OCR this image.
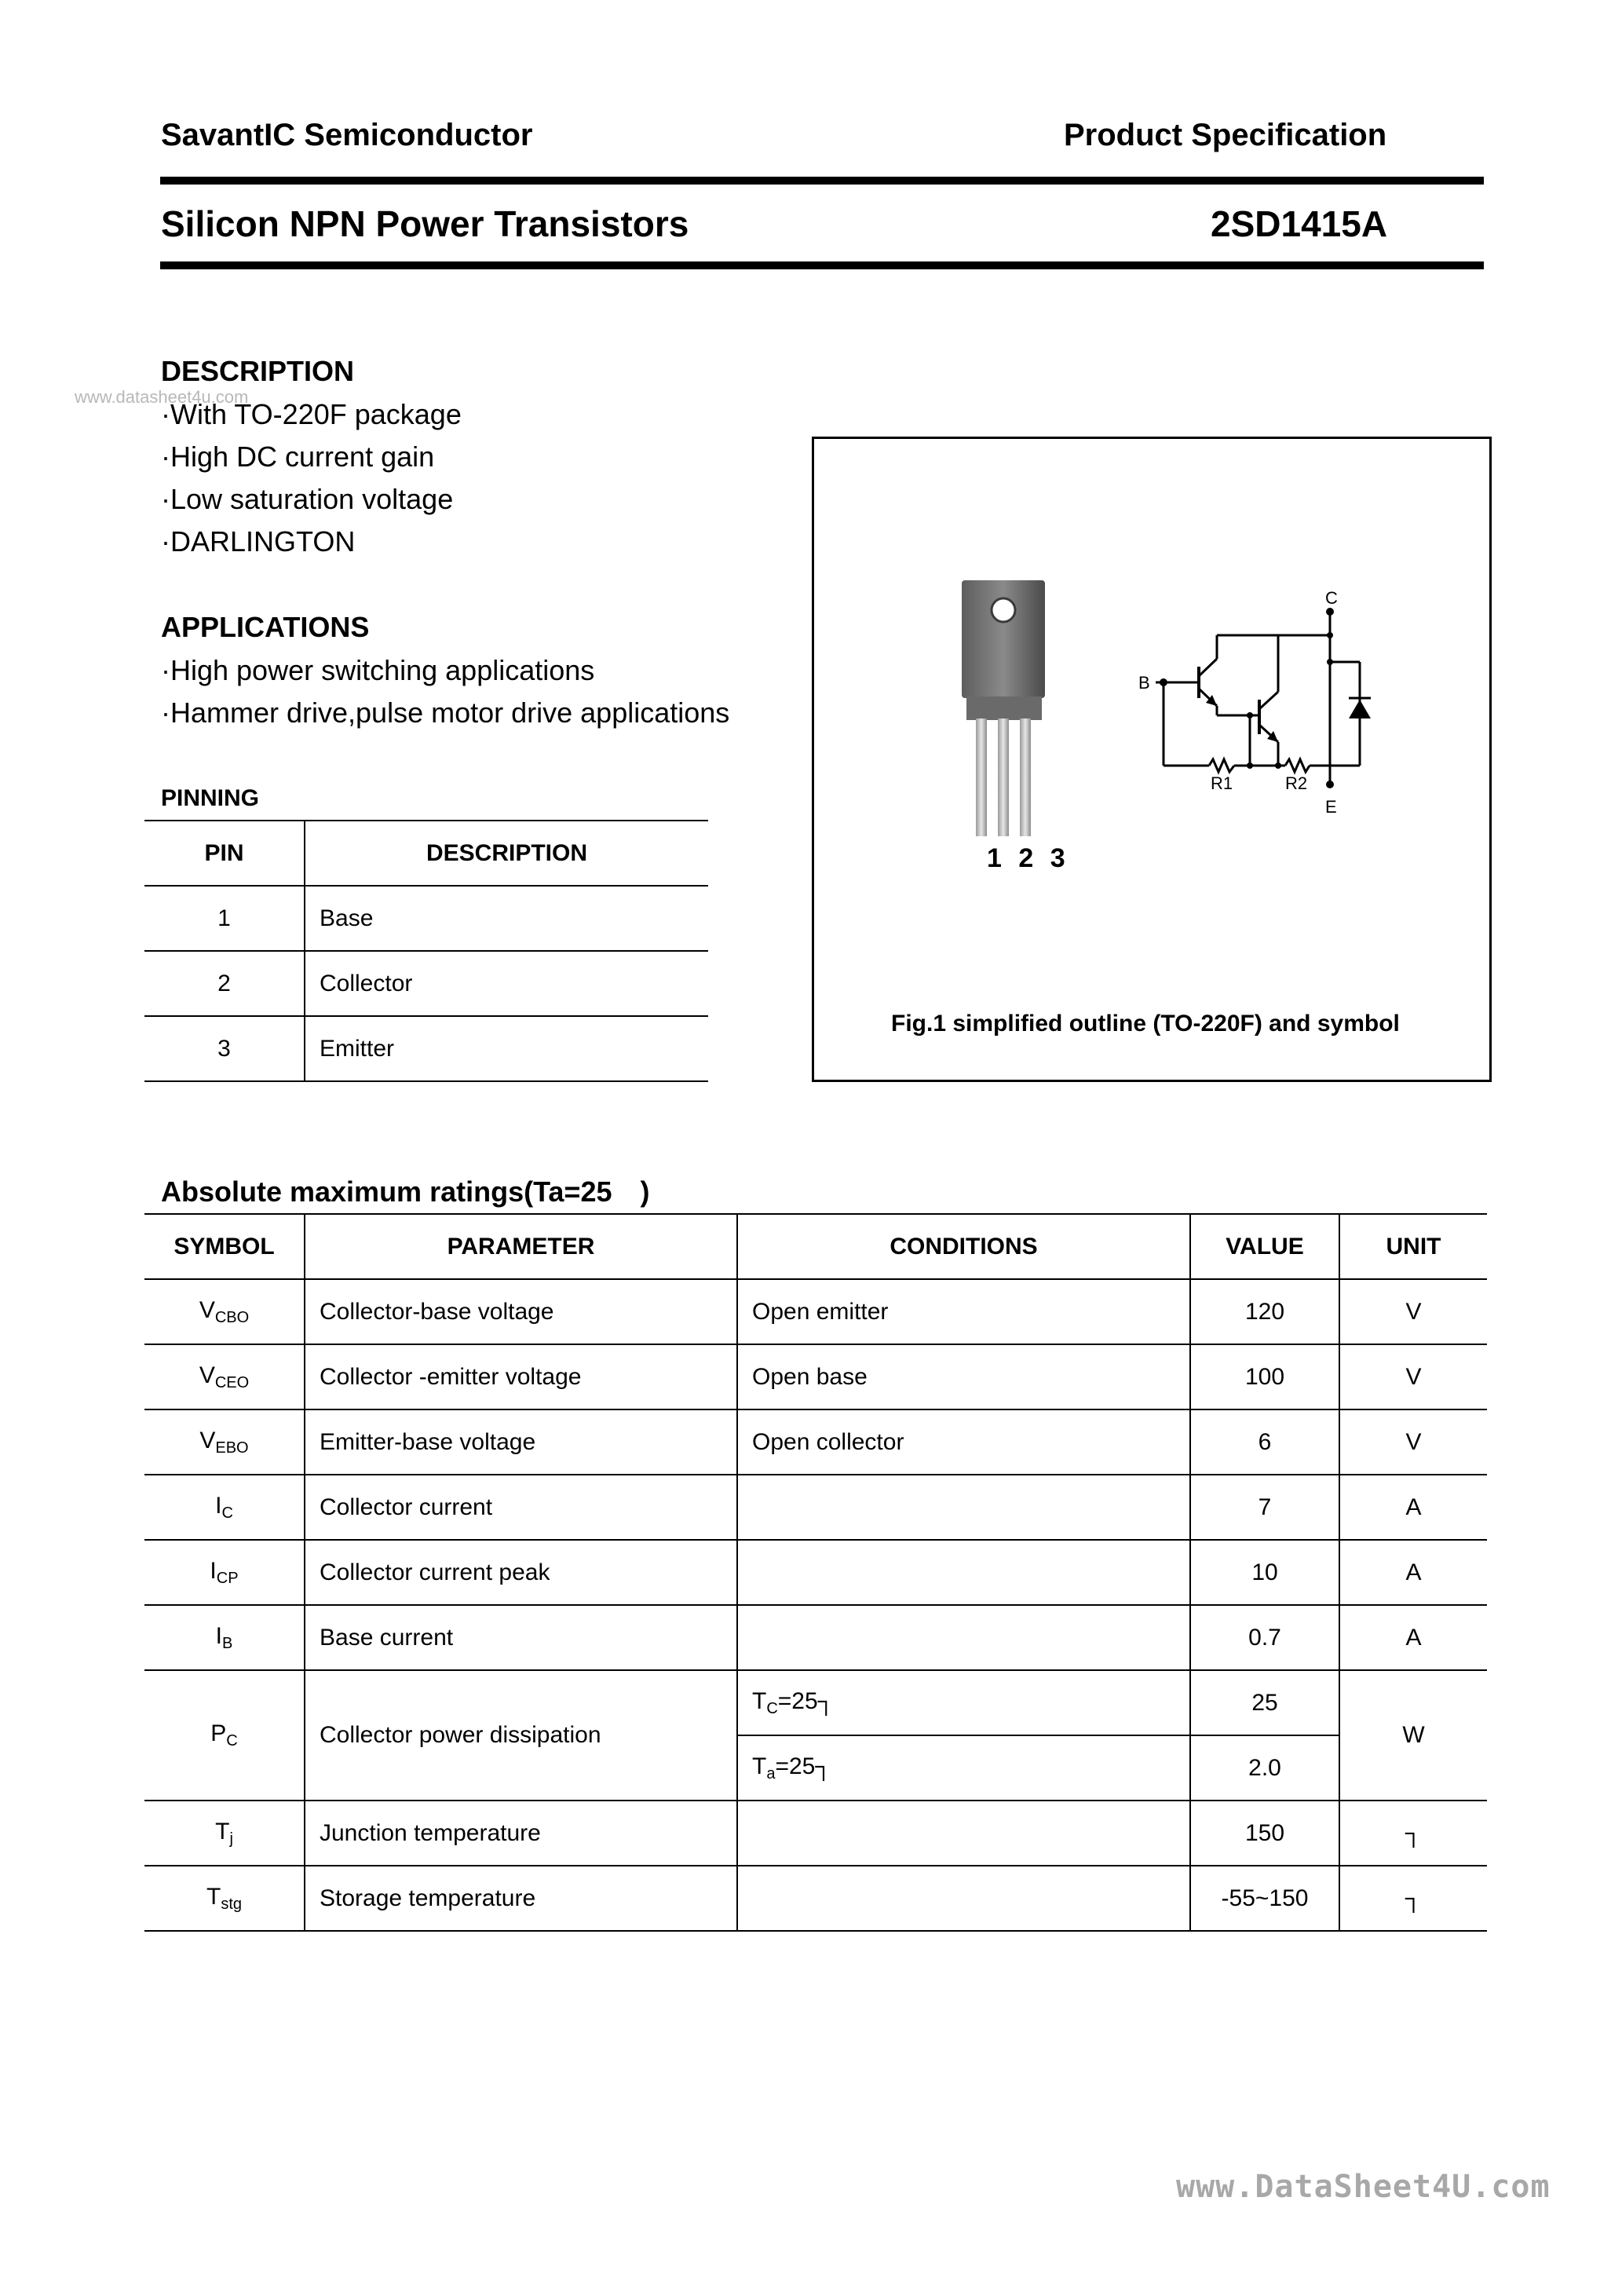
SavantIC Semiconductor	Product Specification
Silicon NPN Power Transistors	2SD1415A
www.datasheet4u.com
DESCRIPTION
·With TO-220F package
·High DC current gain
·Low saturation voltage
·DARLINGTON
APPLICATIONS
·High power switching applications
·Hammer drive,pulse motor drive applications
PINNING
PIN	DESCRIPTION
1	Base
2	Collector
3	Emitter
1 2 3
C
B
E
R1	R2
Fig.1 simplified outline (TO-220F) and symbol
Absolute maximum ratings(Ta=25 )
SYMBOL	PARAMETER	CONDITIONS	VALUE	UNIT
$V_{CBO}$	Collector-base voltage	Open emitter	120	V
$V_{CEO}$	Collector -emitter voltage	Open base	100	V
$V_{EBO}$	Emitter-base voltage	Open collector	6	V
$I_C$	Collector current		7	A
$I_{CP}$	Collector current peak		10	A
$I_B$	Base current		0.7	A
$P_C$	Collector power dissipation	$T_C=25┐$	25	W
		$T_a=25┐$	2.0	
$T_j$	Junction temperature		150	┐
$T_{stg}$	Storage temperature		-55~150	┐
www.DataSheet4U.com
